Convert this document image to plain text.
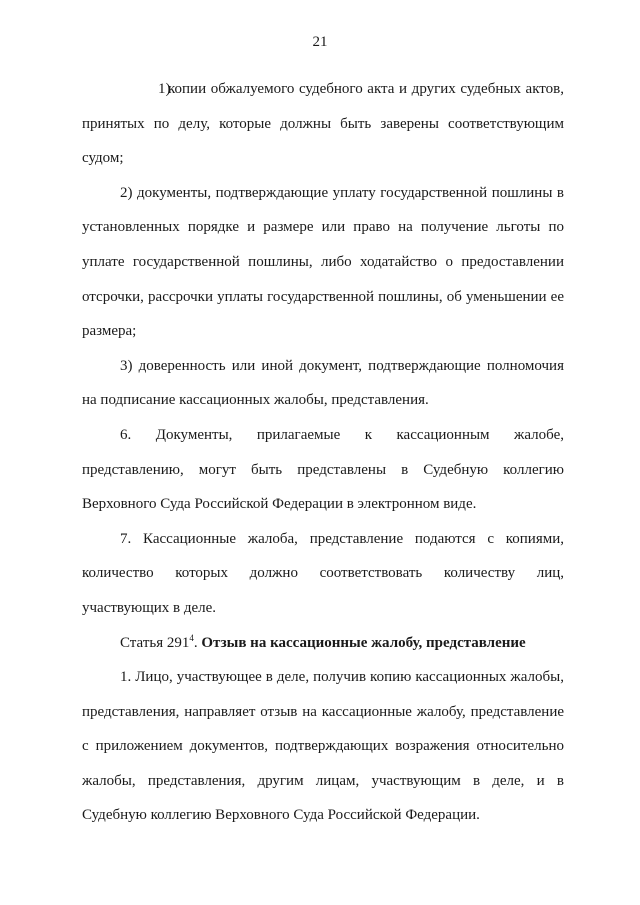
21

1)копии обжалуемого судебного акта и других судебных актов, принятых по делу, которые должны быть заверены соответствующим судом;

2) документы, подтверждающие уплату государственной пошлины в установленных порядке и размере или право на получение льготы по уплате государственной пошлины, либо ходатайство о предоставлении отсрочки, рассрочки уплаты государственной пошлины, об уменьшении ее размера;

3) доверенность или иной документ, подтверждающие полномочия на подписание кассационных жалобы, представления.

6. Документы, прилагаемые к кассационным жалобе, представлению, могут быть представлены в Судебную коллегию Верховного Суда Российской Федерации в электронном виде.

7. Кассационные жалоба, представление подаются с копиями, количество которых должно соответствовать количеству лиц, участвующих в деле.

Статья $291^4$. Отзыв на кассационные жалобу, представление

1. Лицо, участвующее в деле, получив копию кассационных жалобы, представления, направляет отзыв на кассационные жалобу, представление с приложением документов, подтверждающих возражения относительно жалобы, представления, другим лицам, участвующим в деле, и в Судебную коллегию Верховного Суда Российской Федерации.
